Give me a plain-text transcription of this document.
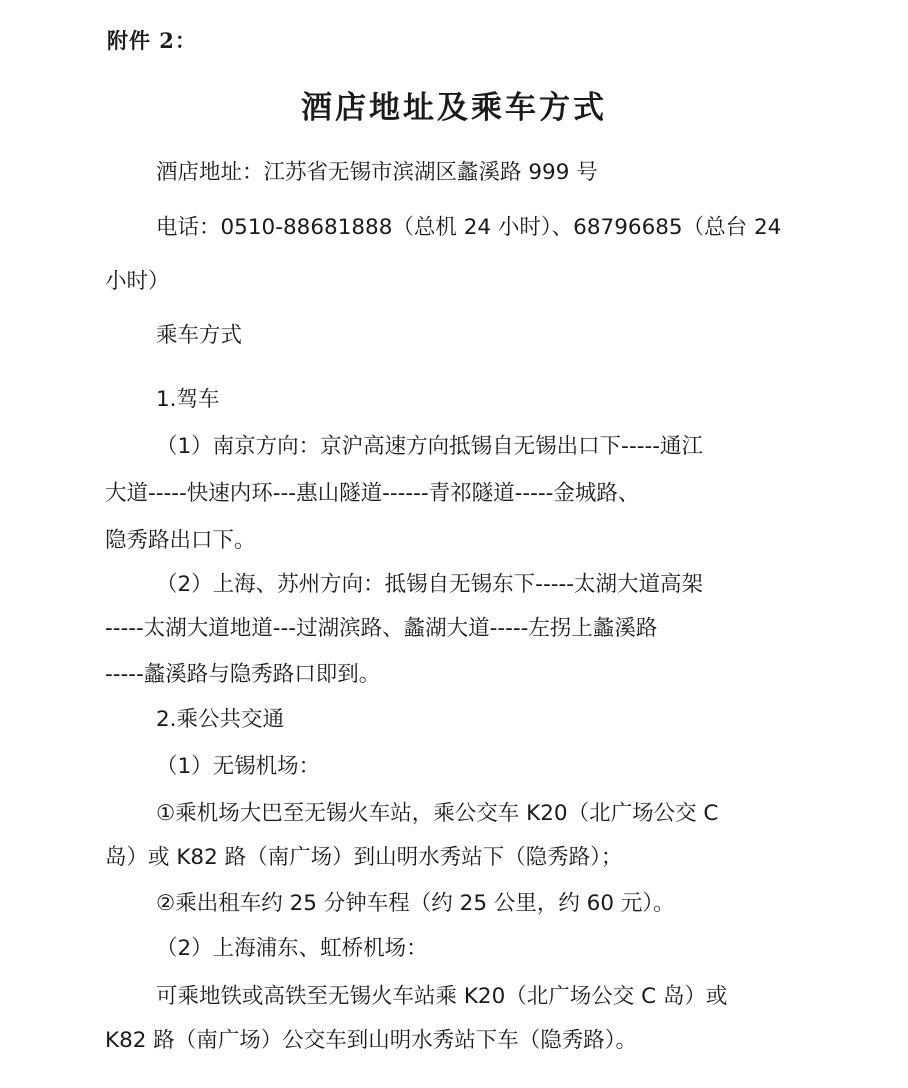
附件 2：
酒店地址及乘车方式
酒店地址：江苏省无锡市滨湖区蠡溪路 999 号
电话：0510-88681888（总机 24 小时）、68796685（总台 24
小时）
乘车方式
1.驾车
（1）南京方向：京沪高速方向抵锡自无锡出口下-----通江
大道-----快速内环---惠山隧道------青祁隧道-----金城路、
隐秀路出口下。
（2）上海、苏州方向：抵锡自无锡东下-----太湖大道高架
-----太湖大道地道---过湖滨路、蠡湖大道-----左拐上蠡溪路
-----蠡溪路与隐秀路口即到。
2.乘公共交通
（1）无锡机场：
①乘机场大巴至无锡火车站，乘公交车 K20（北广场公交 C
岛）或 K82 路（南广场）到山明水秀站下（隐秀路）；
②乘出租车约 25 分钟车程（约 25 公里，约 60 元）。
（2）上海浦东、虹桥机场：
可乘地铁或高铁至无锡火车站乘 K20（北广场公交 C 岛）或
K82 路（南广场）公交车到山明水秀站下车（隐秀路）。
